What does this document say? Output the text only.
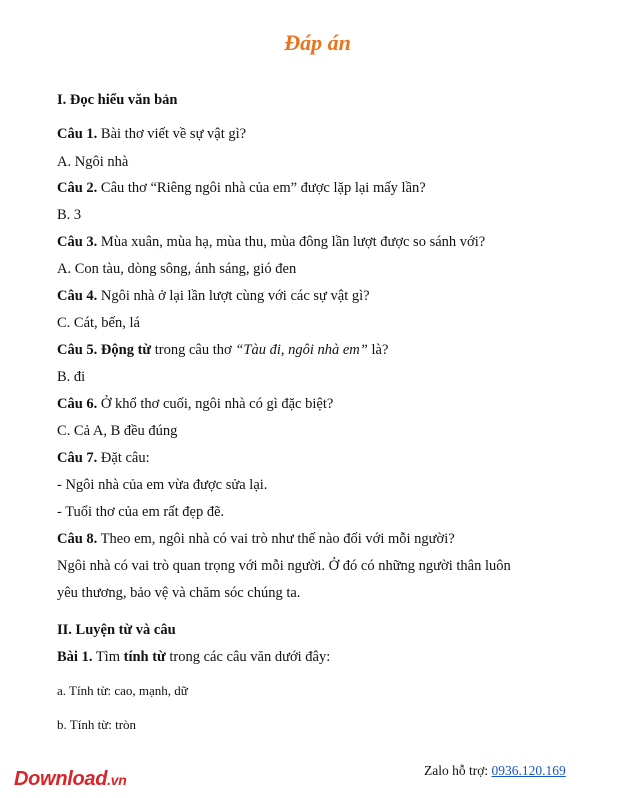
Đáp án
I. Đọc hiểu văn bản
Câu 1. Bài thơ viết về sự vật gì?
A. Ngôi nhà
Câu 2. Câu thơ “Riêng ngôi nhà của em” được lặp lại mấy lần?
B. 3
Câu 3. Mùa xuân, mùa hạ, mùa thu, mùa đông lần lượt được so sánh với?
A. Con tàu, dòng sông, ánh sáng, gió đen
Câu 4. Ngôi nhà ở lại lần lượt cùng với các sự vật gì?
C. Cát, bến, lá
Câu 5. Động từ trong câu thơ “Tàu đi, ngôi nhà em” là?
B. đi
Câu 6. Ở khổ thơ cuối, ngôi nhà có gì đặc biệt?
C. Cả A, B đều đúng
Câu 7. Đặt câu:
- Ngôi nhà của em vừa được sửa lại.
- Tuổi thơ của em rất đẹp đẽ.
Câu 8. Theo em, ngôi nhà có vai trò như thế nào đối với mỗi người?
Ngôi nhà có vai trò quan trọng với mỗi người. Ở đó có những người thân luôn
yêu thương, bảo vệ và chăm sóc chúng ta.
II. Luyện từ và câu
Bài 1. Tìm tính từ trong các câu văn dưới đây:
a. Tính từ: cao, mạnh, dữ
b. Tính từ: tròn
Download.vn
Zalo hỗ trợ: 0936.120.169
